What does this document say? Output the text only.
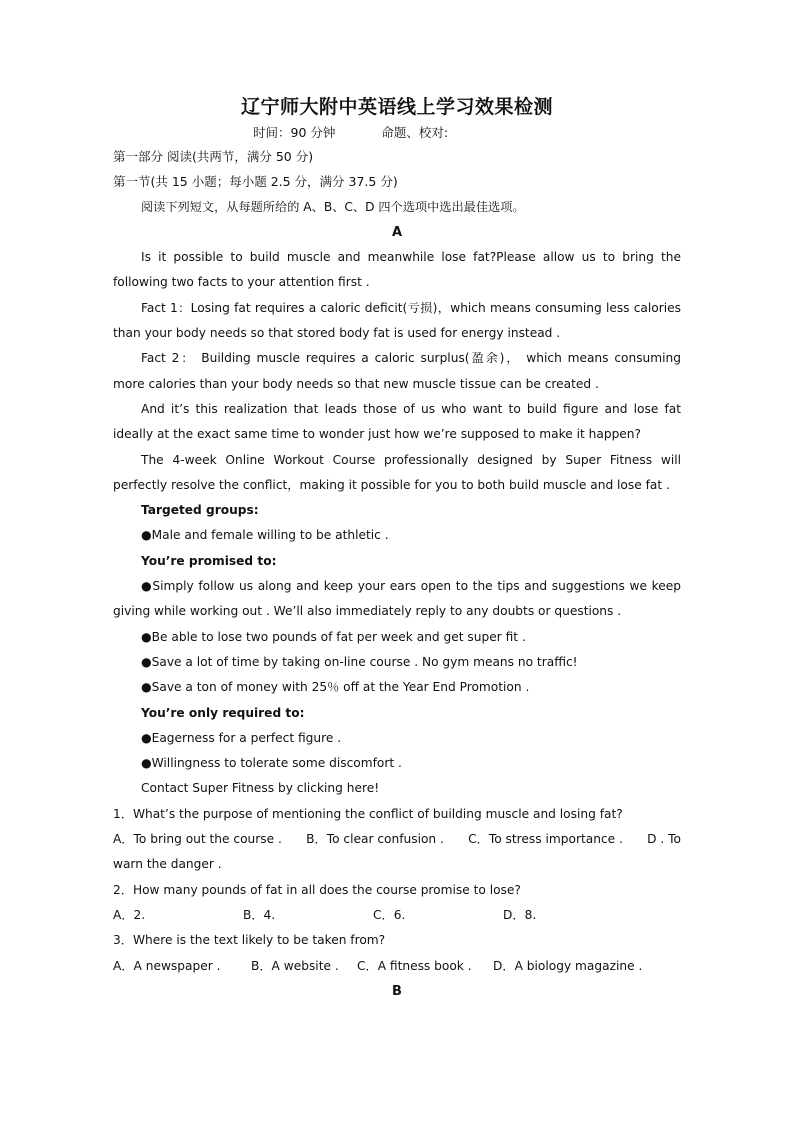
辽宁师大附中英语线上学习效果检测
时间：90 分钟	命题、校对:
第一部分 阅读(共两节，满分 50 分)
第一节(共 15 小题；每小题 2.5 分，满分 37.5 分)
阅读下列短文，从每题所给的 A、B、C、D 四个选项中选出最佳选项。
A
Is it possible to build muscle and meanwhile lose fat?Please allow us to bring the following two facts to your attention first .
Fact 1：Losing fat requires a caloric deficit(亏损)，which means consuming less calories than your body needs so that stored body fat is used for energy instead .
Fact 2： Building muscle requires a caloric surplus(盈余)， which means consuming more calories than your body needs so that new muscle tissue can be created .
And it’s this realization that leads those of us who want to build figure and lose fat ideally at the exact same time to wonder just how we’re supposed to make it happen?
The 4-week Online Workout Course professionally designed by Super Fitness will perfectly resolve the conflict，making it possible for you to both build muscle and lose fat .
Targeted groups:
●Male and female willing to be athletic .
You’re promised to:
●Simply follow us along and keep your ears open to the tips and suggestions we keep giving while working out . We’ll also immediately reply to any doubts or questions .
●Be able to lose two pounds of fat per week and get super fit .
●Save a lot of time by taking on-line course . No gym means no traffic!
●Save a ton of money with 25％ off at the Year End Promotion .
You’re only required to:
●Eagerness for a perfect figure .
●Willingness to tolerate some discomfort .
Contact Super Fitness by clicking here!
1．What’s the purpose of mentioning the conflict of building muscle and losing fat?
A．To bring out the course . B．To clear confusion . C．To stress importance . D . To
warn the danger .
2．How many pounds of fat in all does the course promise to lose?
A．2.	B．4.	C．6.	D．8.
3．Where is the text likely to be taken from?
A．A newspaper .	B．A website .	C．A fitness book .	D．A biology magazine .
B
